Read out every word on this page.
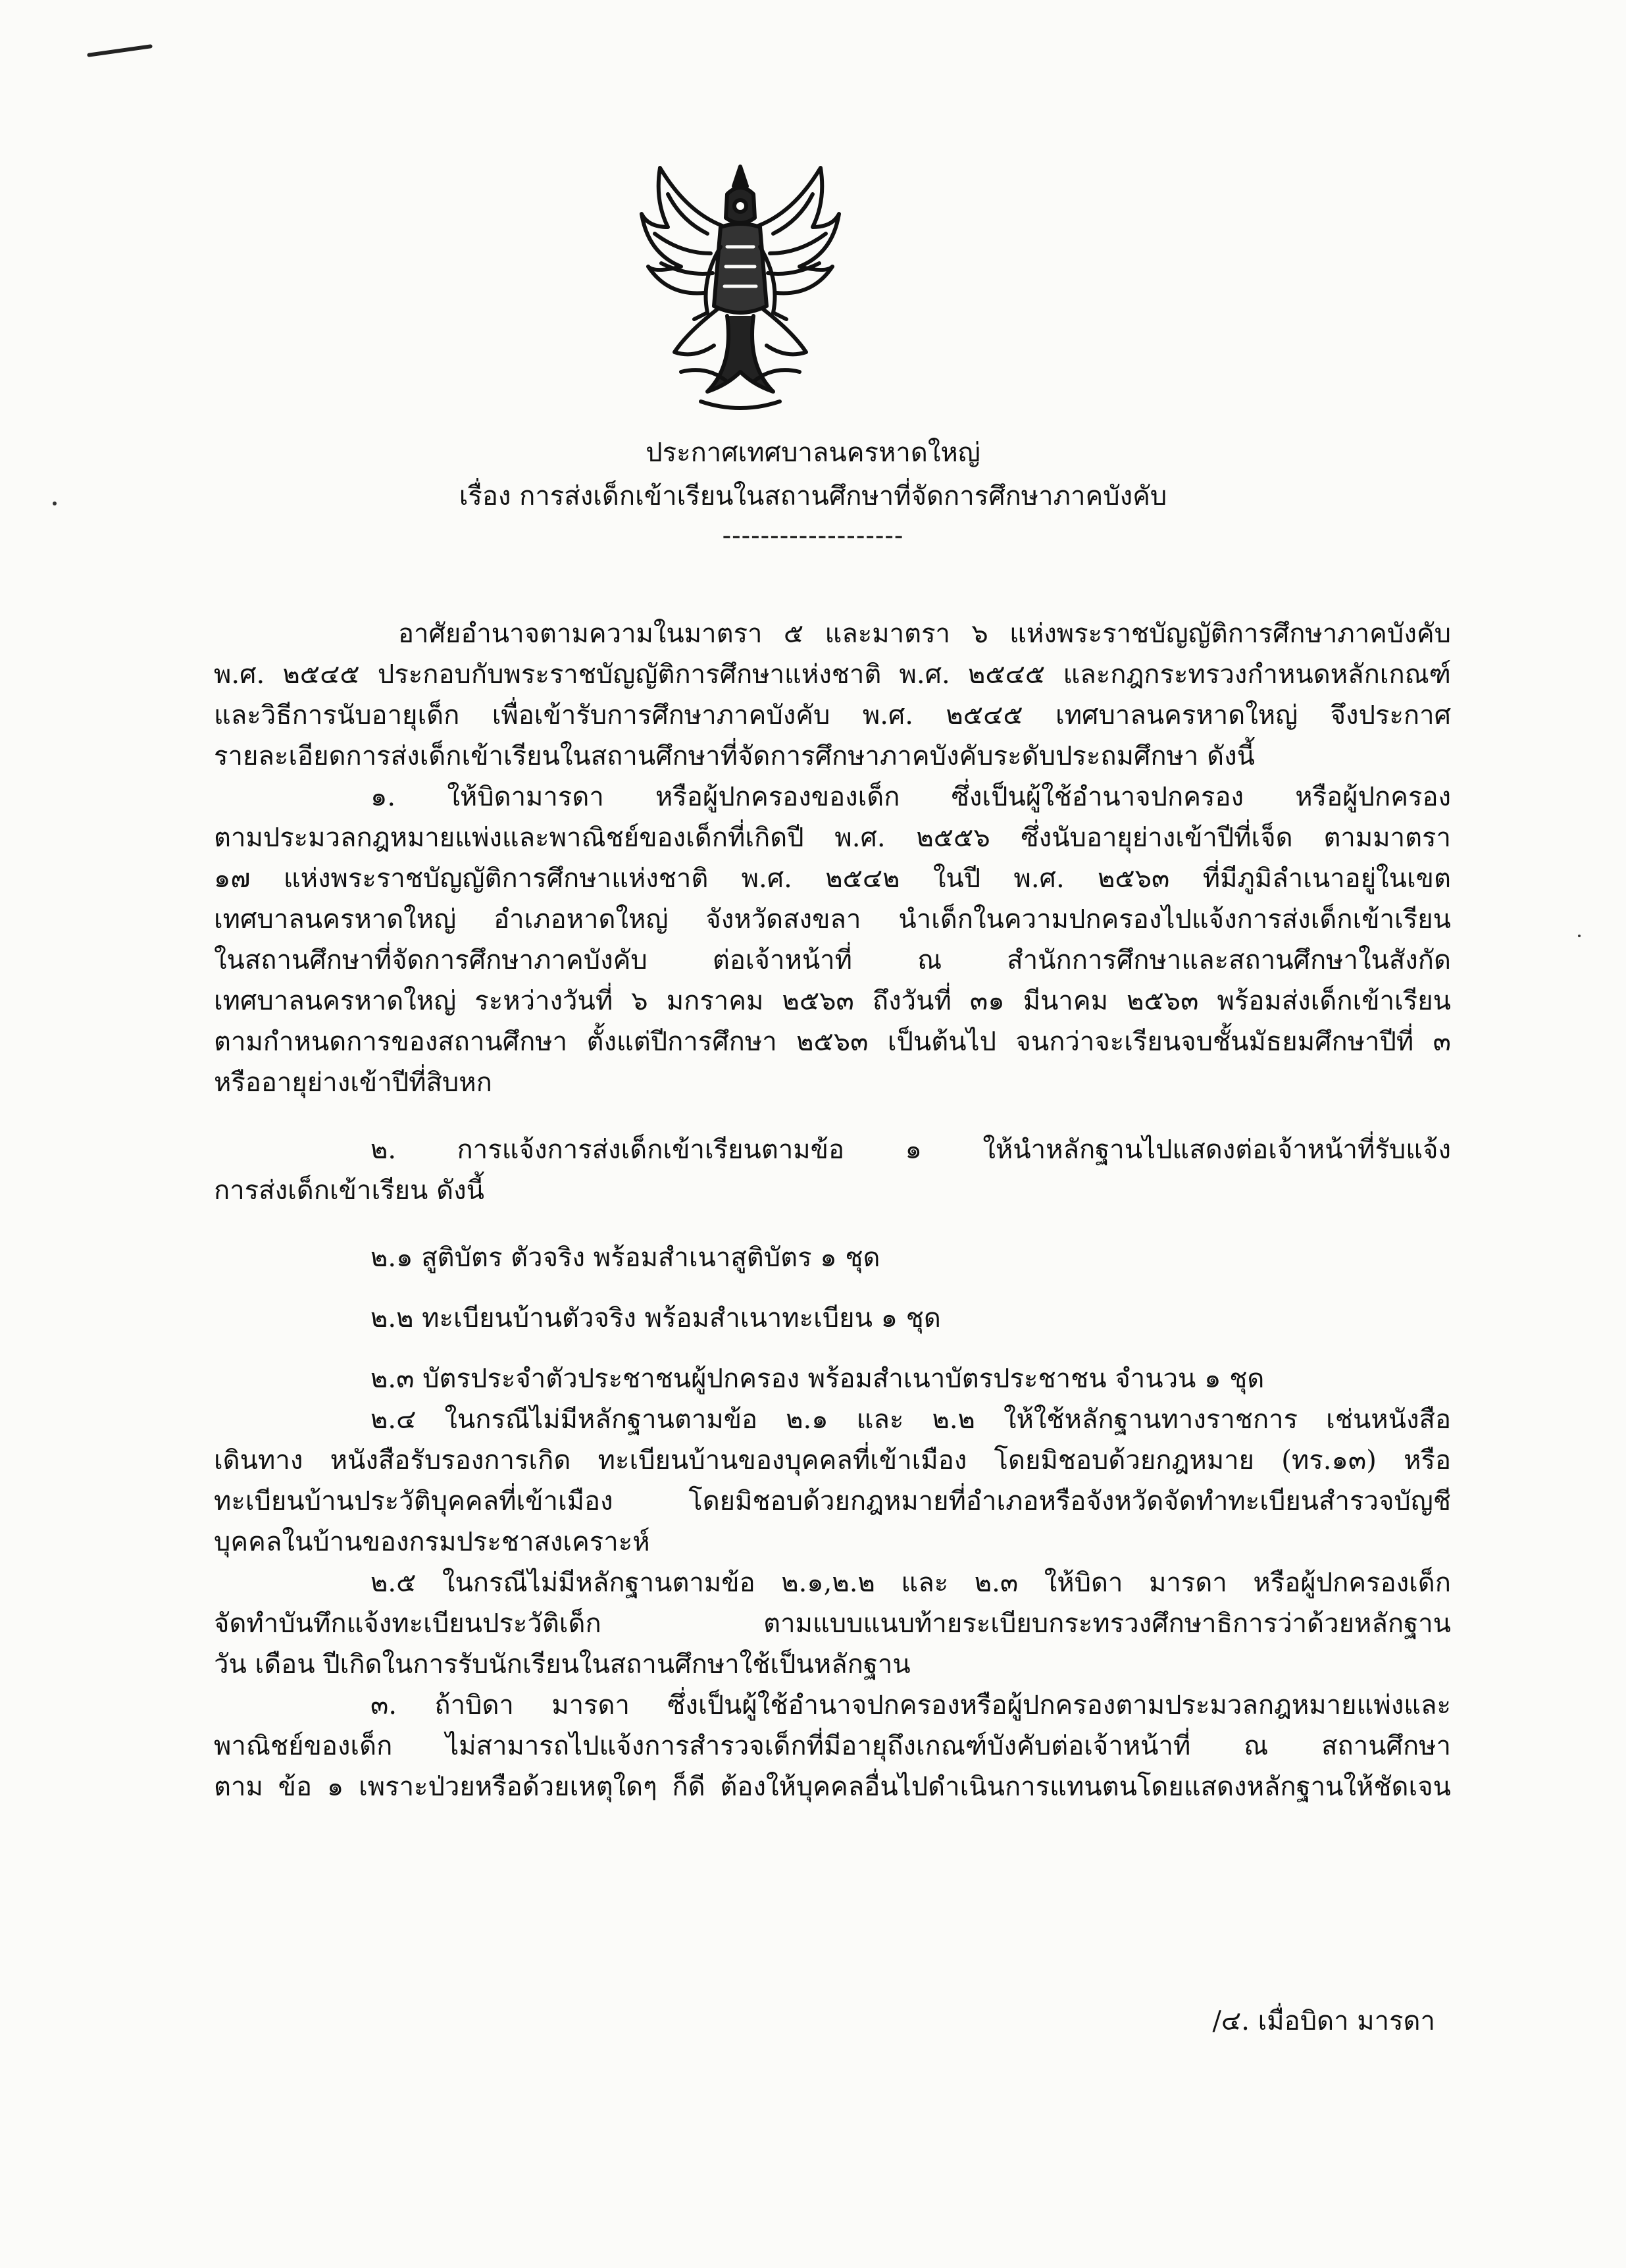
ประกาศเทศบาลนครหาดใหญ่
เรื่อง การส่งเด็กเข้าเรียนในสถานศึกษาที่จัดการศึกษาภาคบังคับ
-------------------

อาศัยอำนาจตามความในมาตรา ๕ และมาตรา ๖ แห่งพระราชบัญญัติการศึกษาภาคบังคับ

พ.ศ. ๒๕๔๕ ประกอบกับพระราชบัญญัติการศึกษาแห่งชาติ พ.ศ. ๒๕๔๕ และกฎกระทรวงกำหนดหลักเกณฑ์

และวิธีการนับอายุเด็ก เพื่อเข้ารับการศึกษาภาคบังคับ พ.ศ. ๒๕๔๕ เทศบาลนครหาดใหญ่ จึงประกาศ

รายละเอียดการส่งเด็กเข้าเรียนในสถานศึกษาที่จัดการศึกษาภาคบังคับระดับประถมศึกษา ดังนี้

๑. ให้บิดามารดา หรือผู้ปกครองของเด็ก ซึ่งเป็นผู้ใช้อำนาจปกครอง หรือผู้ปกครอง

ตามประมวลกฎหมายแพ่งและพาณิชย์ของเด็กที่เกิดปี พ.ศ. ๒๕๕๖ ซึ่งนับอายุย่างเข้าปีที่เจ็ด ตามมาตรา

๑๗ แห่งพระราชบัญญัติการศึกษาแห่งชาติ พ.ศ. ๒๕๔๒ ในปี พ.ศ. ๒๕๖๓ ที่มีภูมิลำเนาอยู่ในเขต

เทศบาลนครหาดใหญ่ อำเภอหาดใหญ่ จังหวัดสงขลา นำเด็กในความปกครองไปแจ้งการส่งเด็กเข้าเรียน

ในสถานศึกษาที่จัดการศึกษาภาคบังคับ ต่อเจ้าหน้าที่ ณ สำนักการศึกษาและสถานศึกษาในสังกัด

เทศบาลนครหาดใหญ่ ระหว่างวันที่ ๖ มกราคม ๒๕๖๓ ถึงวันที่ ๓๑ มีนาคม ๒๕๖๓ พร้อมส่งเด็กเข้าเรียน

ตามกำหนดการของสถานศึกษา ตั้งแต่ปีการศึกษา ๒๕๖๓ เป็นต้นไป จนกว่าจะเรียนจบชั้นมัธยมศึกษาปีที่ ๓

หรืออายุย่างเข้าปีที่สิบหก

๒. การแจ้งการส่งเด็กเข้าเรียนตามข้อ ๑ ให้นำหลักฐานไปแสดงต่อเจ้าหน้าที่รับแจ้ง

การส่งเด็กเข้าเรียน ดังนี้

๒.๑ สูติบัตร ตัวจริง พร้อมสำเนาสูติบัตร ๑ ชุด

๒.๒ ทะเบียนบ้านตัวจริง พร้อมสำเนาทะเบียน ๑ ชุด

๒.๓ บัตรประจำตัวประชาชนผู้ปกครอง พร้อมสำเนาบัตรประชาชน จำนวน ๑ ชุด

๒.๔ ในกรณีไม่มีหลักฐานตามข้อ ๒.๑ และ ๒.๒ ให้ใช้หลักฐานทางราชการ เช่นหนังสือ

เดินทาง หนังสือรับรองการเกิด ทะเบียนบ้านของบุคคลที่เข้าเมือง โดยมิชอบด้วยกฎหมาย (ทร.๑๓) หรือ

ทะเบียนบ้านประวัติบุคคลที่เข้าเมือง โดยมิชอบด้วยกฎหมายที่อำเภอหรือจังหวัดจัดทำทะเบียนสำรวจบัญชี

บุคคลในบ้านของกรมประชาสงเคราะห์

๒.๕ ในกรณีไม่มีหลักฐานตามข้อ ๒.๑,๒.๒ และ ๒.๓ ให้บิดา มารดา หรือผู้ปกครองเด็ก

จัดทำบันทึกแจ้งทะเบียนประวัติเด็ก ตามแบบแนบท้ายระเบียบกระทรวงศึกษาธิการว่าด้วยหลักฐาน

วัน เดือน ปีเกิดในการรับนักเรียนในสถานศึกษาใช้เป็นหลักฐาน

๓. ถ้าบิดา มารดา ซึ่งเป็นผู้ใช้อำนาจปกครองหรือผู้ปกครองตามประมวลกฎหมายแพ่งและ

พาณิชย์ของเด็ก ไม่สามารถไปแจ้งการสำรวจเด็กที่มีอายุถึงเกณฑ์บังคับต่อเจ้าหน้าที่ ณ สถานศึกษา

ตาม ข้อ ๑ เพราะป่วยหรือด้วยเหตุใดๆ ก็ดี ต้องให้บุคคลอื่นไปดำเนินการแทนตนโดยแสดงหลักฐานให้ชัดเจน

/๔. เมื่อบิดา มารดา
